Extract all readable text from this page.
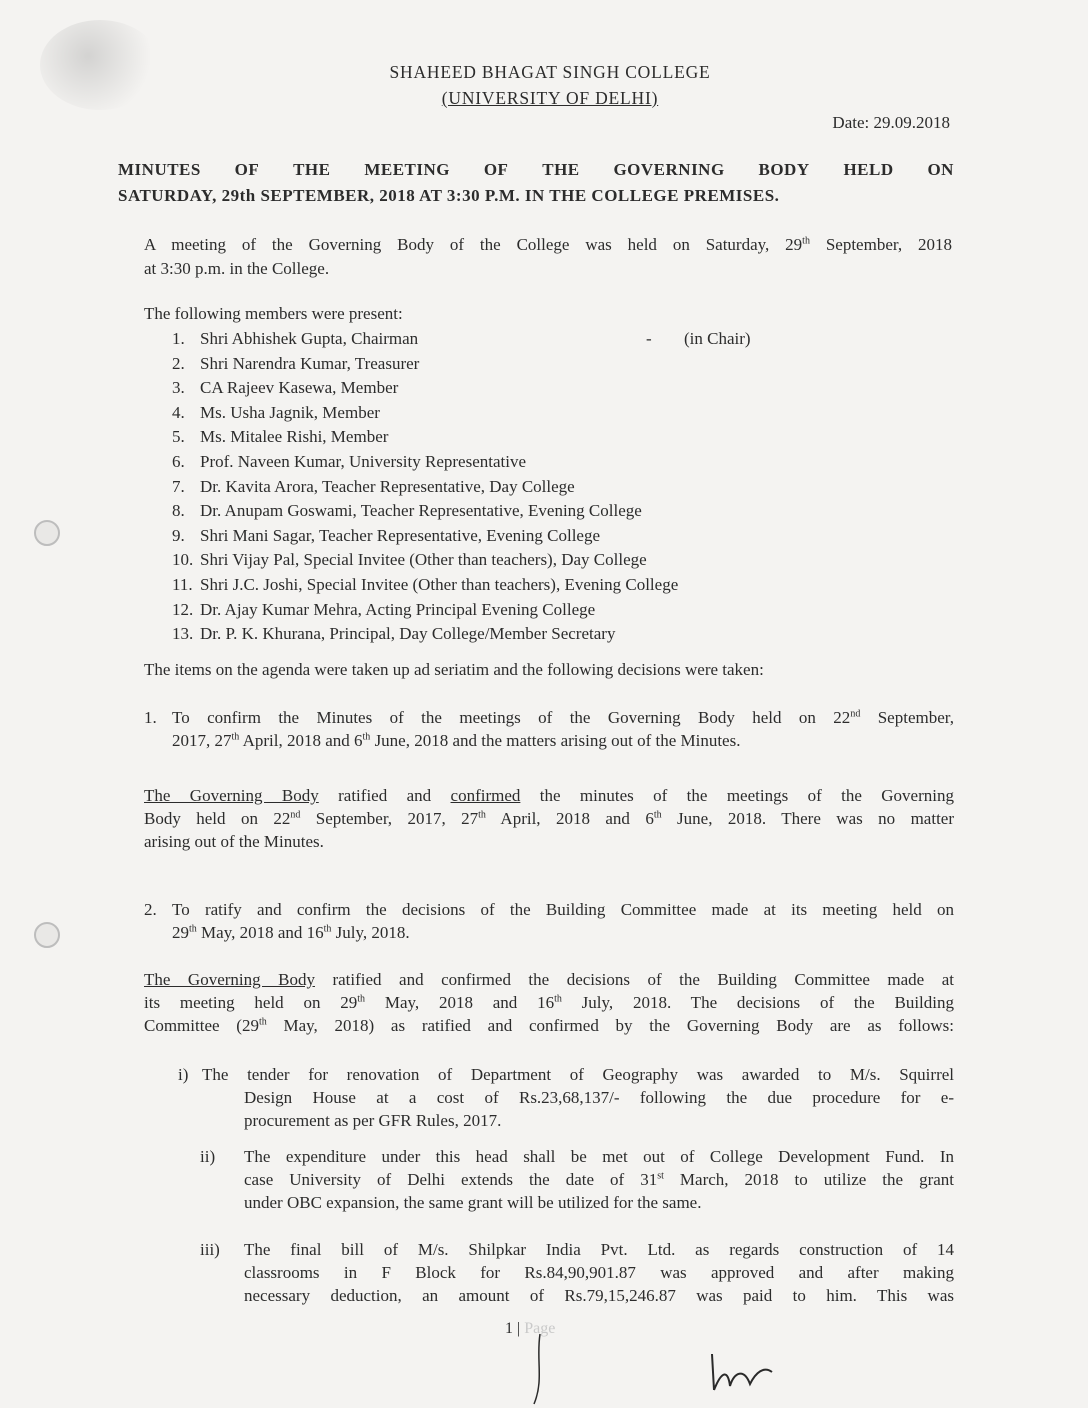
SHAHEED BHAGAT SINGH COLLEGE
(UNIVERSITY OF DELHI)
Date: 29.09.2018
MINUTES OF THE MEETING OF THE GOVERNING BODY HELD ON
SATURDAY, 29th SEPTEMBER, 2018 AT 3:30 P.M. IN THE COLLEGE PREMISES.
A meeting of the Governing Body of the College was held on Saturday, 29th September, 2018
at 3:30 p.m. in the College.
The following members were present:
1. Shri Abhishek Gupta, Chairman	- (in Chair)
2. Shri Narendra Kumar, Treasurer
3. CA Rajeev Kasewa, Member
4. Ms. Usha Jagnik, Member
5. Ms. Mitalee Rishi, Member
6. Prof. Naveen Kumar, University Representative
7. Dr. Kavita Arora, Teacher Representative, Day College
8. Dr. Anupam Goswami, Teacher Representative, Evening College
9. Shri Mani Sagar, Teacher Representative, Evening College
10. Shri Vijay Pal, Special Invitee (Other than teachers), Day College
11. Shri J.C. Joshi, Special Invitee (Other than teachers), Evening College
12. Dr. Ajay Kumar Mehra, Acting Principal Evening College
13. Dr. P. K. Khurana, Principal, Day College/Member Secretary
The items on the agenda were taken up ad seriatim and the following decisions were taken:
1. To confirm the Minutes of the meetings of the Governing Body held on 22nd September,
2017, 27th April, 2018 and 6th June, 2018 and the matters arising out of the Minutes.
The Governing Body ratified and confirmed the minutes of the meetings of the Governing
Body held on 22nd September, 2017, 27th April, 2018 and 6th June, 2018. There was no matter
arising out of the Minutes.
2. To ratify and confirm the decisions of the Building Committee made at its meeting held on
29th May, 2018 and 16th July, 2018.
The Governing Body ratified and confirmed the decisions of the Building Committee made at
its meeting held on 29th May, 2018 and 16th July, 2018. The decisions of the Building
Committee (29th May, 2018) as ratified and confirmed by the Governing Body are as follows:
i) The tender for renovation of Department of Geography was awarded to M/s. Squirrel
Design House at a cost of Rs.23,68,137/- following the due procedure for e-
procurement as per GFR Rules, 2017.
ii) The expenditure under this head shall be met out of College Development Fund. In
case University of Delhi extends the date of 31st March, 2018 to utilize the grant
under OBC expansion, the same grant will be utilized for the same.
iii) The final bill of M/s. Shilpkar India Pvt. Ltd. as regards construction of 14
classrooms in F Block for Rs.84,90,901.87 was approved and after making
necessary deduction, an amount of Rs.79,15,246.87 was paid to him. This was
1 | Page
